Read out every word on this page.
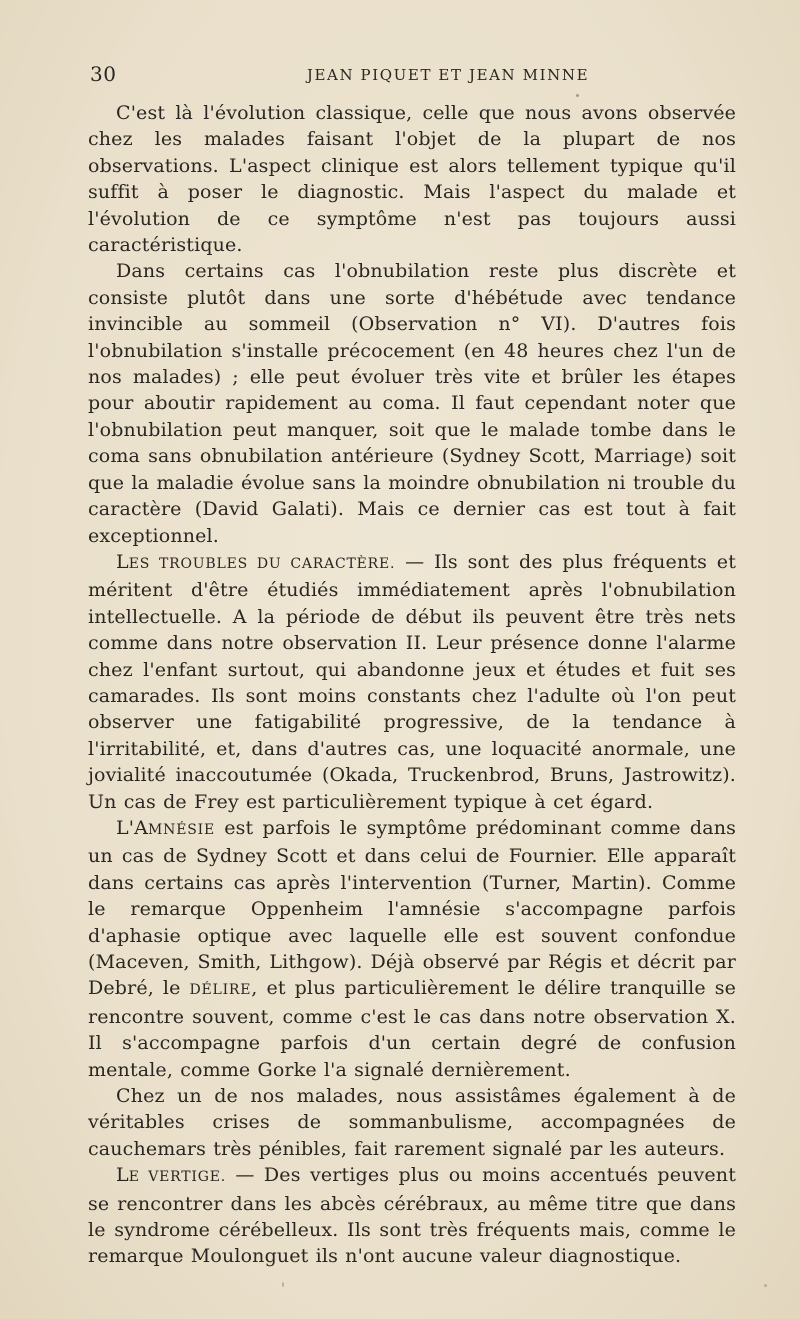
30	JEAN PIQUET ET JEAN MINNE

C'est là l'évolution classique, celle que nous avons observée chez les malades faisant l'objet de la plupart de nos observations. L'aspect clinique est alors tellement typique qu'il suffit à poser le diagnostic. Mais l'aspect du malade et l'évolution de ce symptôme n'est pas toujours aussi caractéristique.

Dans certains cas l'obnubilation reste plus discrète et consiste plutôt dans une sorte d'hébétude avec tendance invincible au sommeil (Observation n° VI). D'autres fois l'obnubilation s'installe précocement (en 48 heures chez l'un de nos malades) ; elle peut évoluer très vite et brûler les étapes pour aboutir rapidement au coma. Il faut cependant noter que l'obnubilation peut manquer, soit que le malade tombe dans le coma sans obnubilation antérieure (Sydney Scott, Marriage) soit que la maladie évolue sans la moindre obnubilation ni trouble du caractère (David Galati). Mais ce dernier cas est tout à fait exceptionnel.

LES TROUBLES DU CARACTÈRE. — Ils sont des plus fréquents et méritent d'être étudiés immédiatement après l'obnubilation intellectuelle. A la période de début ils peuvent être très nets comme dans notre observation II. Leur présence donne l'alarme chez l'enfant surtout, qui abandonne jeux et études et fuit ses camarades. Ils sont moins constants chez l'adulte où l'on peut observer une fatigabilité progressive, de la tendance à l'irritabilité, et, dans d'autres cas, une loquacité anormale, une jovialité inaccoutumée (Okada, Truckenbrod, Bruns, Jastrowitz). Un cas de Frey est particulièrement typique à cet égard.

L'AMNÉSIE est parfois le symptôme prédominant comme dans un cas de Sydney Scott et dans celui de Fournier. Elle apparaît dans certains cas après l'intervention (Turner, Martin). Comme le remarque Oppenheim l'amnésie s'accompagne parfois d'aphasie optique avec laquelle elle est souvent confondue (Maceven, Smith, Lithgow). Déjà observé par Régis et décrit par Debré, le DÉLIRE, et plus particulièrement le délire tranquille se rencontre souvent, comme c'est le cas dans notre observation X. Il s'accompagne parfois d'un certain degré de confusion mentale, comme Gorke l'a signalé dernièrement.

Chez un de nos malades, nous assistâmes également à de véritables crises de sommanbulisme, accompagnées de cauchemars très pénibles, fait rarement signalé par les auteurs.

LE VERTIGE. — Des vertiges plus ou moins accentués peuvent se rencontrer dans les abcès cérébraux, au même titre que dans le syndrome cérébelleux. Ils sont très fréquents mais, comme le remarque Moulonguet ils n'ont aucune valeur diagnostique.
